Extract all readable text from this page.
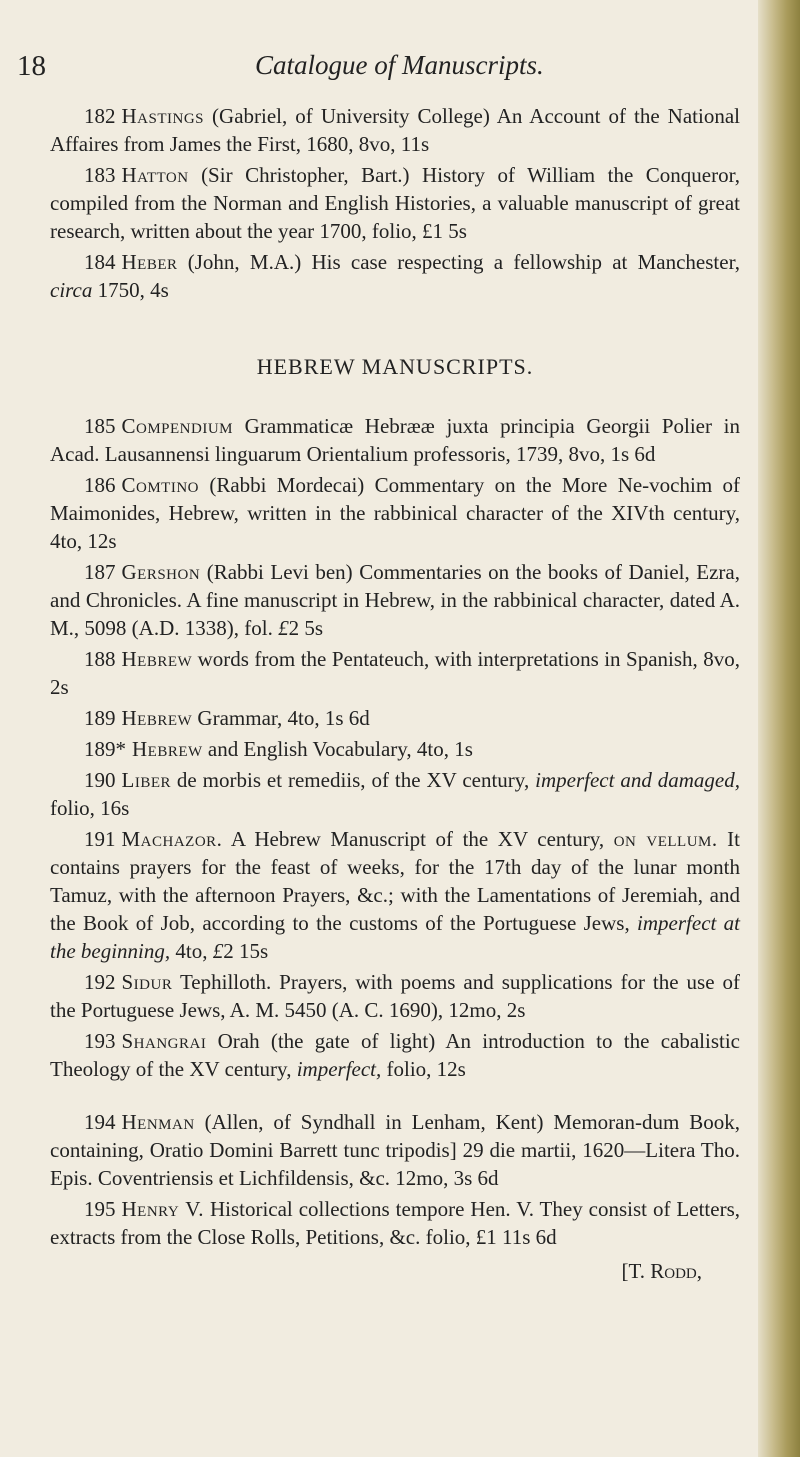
18	Catalogue of Manuscripts.

182 Hastings (Gabriel, of University College) An Account of the National Affaires from James the First, 1680, 8vo, 11s

183 Hatton (Sir Christopher, Bart.) History of William the Conqueror, compiled from the Norman and English Histories, a valuable manuscript of great research, written about the year 1700, folio, £1 5s

184 Heber (John, M.A.) His case respecting a fellowship at Manchester, circa 1750, 4s

HEBREW MANUSCRIPTS.

185 Compendium Grammaticæ Hebrææ juxta principia Georgii Polier in Acad. Lausannensi linguarum Orientalium professoris, 1739, 8vo, 1s 6d

186 Comtino (Rabbi Mordecai) Commentary on the More Ne-vochim of Maimonides, Hebrew, written in the rabbinical character of the XIVth century, 4to, 12s

187 Gershon (Rabbi Levi ben) Commentaries on the books of Daniel, Ezra, and Chronicles. A fine manuscript in Hebrew, in the rabbinical character, dated A. M., 5098 (A.D. 1338), fol. £2 5s

188 Hebrew words from the Pentateuch, with interpretations in Spanish, 8vo, 2s

189 Hebrew Grammar, 4to, 1s 6d

189* Hebrew and English Vocabulary, 4to, 1s

190 Liber de morbis et remediis, of the XV century, imperfect and damaged, folio, 16s

191 Machazor. A Hebrew Manuscript of the XV century, on vellum. It contains prayers for the feast of weeks, for the 17th day of the lunar month Tamuz, with the afternoon Prayers, &c.; with the Lamentations of Jeremiah, and the Book of Job, according to the customs of the Portuguese Jews, imperfect at the beginning, 4to, £2 15s

192 Sidur Tephilloth. Prayers, with poems and supplications for the use of the Portuguese Jews, A. M. 5450 (A. C. 1690), 12mo, 2s

193 Shangrai Orah (the gate of light) An introduction to the cabalistic Theology of the XV century, imperfect, folio, 12s

194 Henman (Allen, of Syndhall in Lenham, Kent) Memoran-dum Book, containing, Oratio Domini Barrett tunc tripodis] 29 die martii, 1620—Litera Tho. Epis. Coventriensis et Lichfildensis, &c. 12mo, 3s 6d

195 Henry V. Historical collections tempore Hen. V. They consist of Letters, extracts from the Close Rolls, Petitions, &c. folio, £1 11s 6d

[T. Rodd,
